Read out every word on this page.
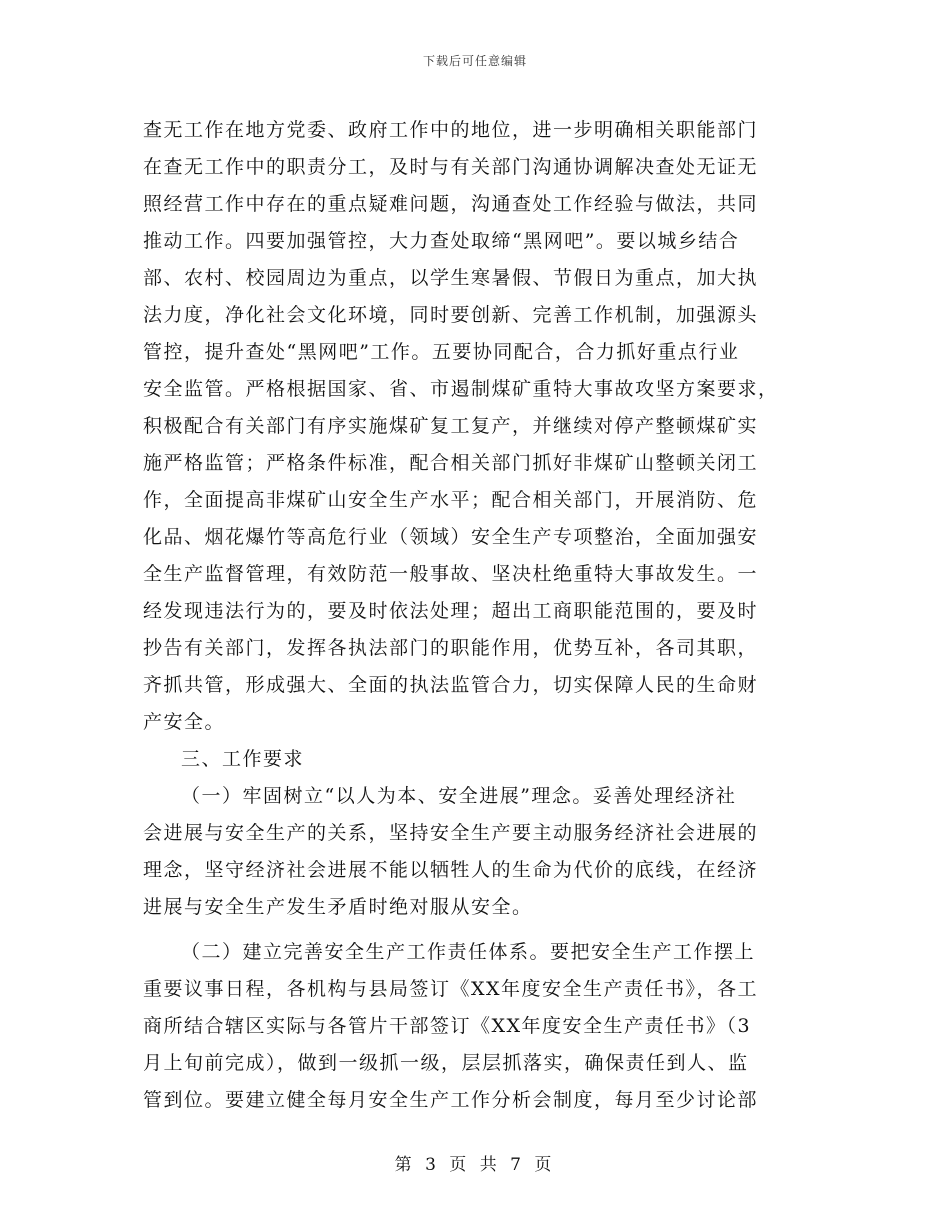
下载后可任意编辑
查无工作在地方党委、政府工作中的地位，进一步明确相关职能部门
在查无工作中的职责分工，及时与有关部门沟通协调解决查处无证无
照经营工作中存在的重点疑难问题，沟通查处工作经验与做法，共同
推动工作。四要加强管控，大力查处取缔“黑网吧”。要以城乡结合
部、农村、校园周边为重点，以学生寒暑假、节假日为重点，加大执
法力度，净化社会文化环境，同时要创新、完善工作机制，加强源头
管控，提升查处“黑网吧”工作。五要协同配合，合力抓好重点行业
安全监管。严格根据国家、省、市遏制煤矿重特大事故攻坚方案要求，
积极配合有关部门有序实施煤矿复工复产，并继续对停产整顿煤矿实
施严格监管；严格条件标准，配合相关部门抓好非煤矿山整顿关闭工
作，全面提高非煤矿山安全生产水平；配合相关部门，开展消防、危
化品、烟花爆竹等高危行业（领域）安全生产专项整治，全面加强安
全生产监督管理，有效防范一般事故、坚决杜绝重特大事故发生。一
经发现违法行为的，要及时依法处理；超出工商职能范围的，要及时
抄告有关部门，发挥各执法部门的职能作用，优势互补，各司其职，
齐抓共管，形成强大、全面的执法监管合力，切实保障人民的生命财
产安全。
三、工作要求
（一）牢固树立“以人为本、安全进展”理念。妥善处理经济社
会进展与安全生产的关系，坚持安全生产要主动服务经济社会进展的
理念，坚守经济社会进展不能以牺牲人的生命为代价的底线，在经济
进展与安全生产发生矛盾时绝对服从安全。
（二）建立完善安全生产工作责任体系。要把安全生产工作摆上
重要议事日程，各机构与县局签订《XX年度安全生产责任书》，各工
商所结合辖区实际与各管片干部签订《XX年度安全生产责任书》（3
月上旬前完成），做到一级抓一级，层层抓落实，确保责任到人、监
管到位。要建立健全每月安全生产工作分析会制度，每月至少讨论部
第 3 页 共 7 页
